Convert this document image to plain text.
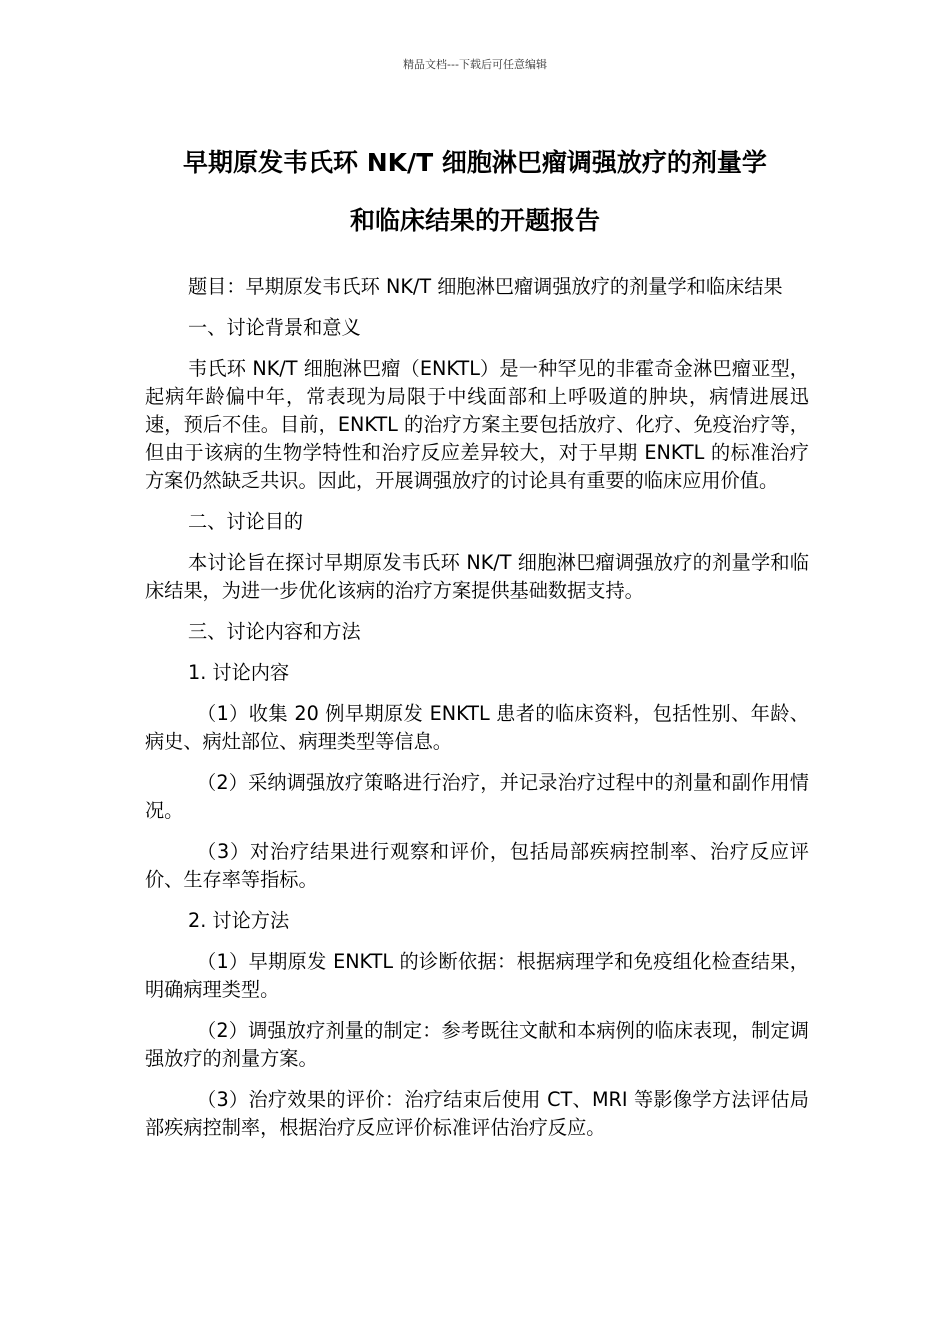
精品文档---下载后可任意编辑
早期原发韦氏环 NK/T 细胞淋巴瘤调强放疗的剂量学
和临床结果的开题报告

题目：早期原发韦氏环 NK/T 细胞淋巴瘤调强放疗的剂量学和临床结果

一、讨论背景和意义

韦氏环 NK/T 细胞淋巴瘤（ENKTL）是一种罕见的非霍奇金淋巴瘤亚型，起病年龄偏中年，常表现为局限于中线面部和上呼吸道的肿块，病情进展迅速，预后不佳。目前，ENKTL 的治疗方案主要包括放疗、化疗、免疫治疗等，但由于该病的生物学特性和治疗反应差异较大，对于早期 ENKTL 的标准治疗方案仍然缺乏共识。因此，开展调强放疗的讨论具有重要的临床应用价值。

二、讨论目的

本讨论旨在探讨早期原发韦氏环 NK/T 细胞淋巴瘤调强放疗的剂量学和临床结果，为进一步优化该病的治疗方案提供基础数据支持。

三、讨论内容和方法

1. 讨论内容

（1）收集 20 例早期原发 ENKTL 患者的临床资料，包括性别、年龄、病史、病灶部位、病理类型等信息。

（2）采纳调强放疗策略进行治疗，并记录治疗过程中的剂量和副作用情况。

（3）对治疗结果进行观察和评价，包括局部疾病控制率、治疗反应评价、生存率等指标。

2. 讨论方法

（1）早期原发 ENKTL 的诊断依据：根据病理学和免疫组化检查结果，明确病理类型。

（2）调强放疗剂量的制定：参考既往文献和本病例的临床表现，制定调强放疗的剂量方案。

（3）治疗效果的评价：治疗结束后使用 CT、MRI 等影像学方法评估局部疾病控制率，根据治疗反应评价标准评估治疗反应。
